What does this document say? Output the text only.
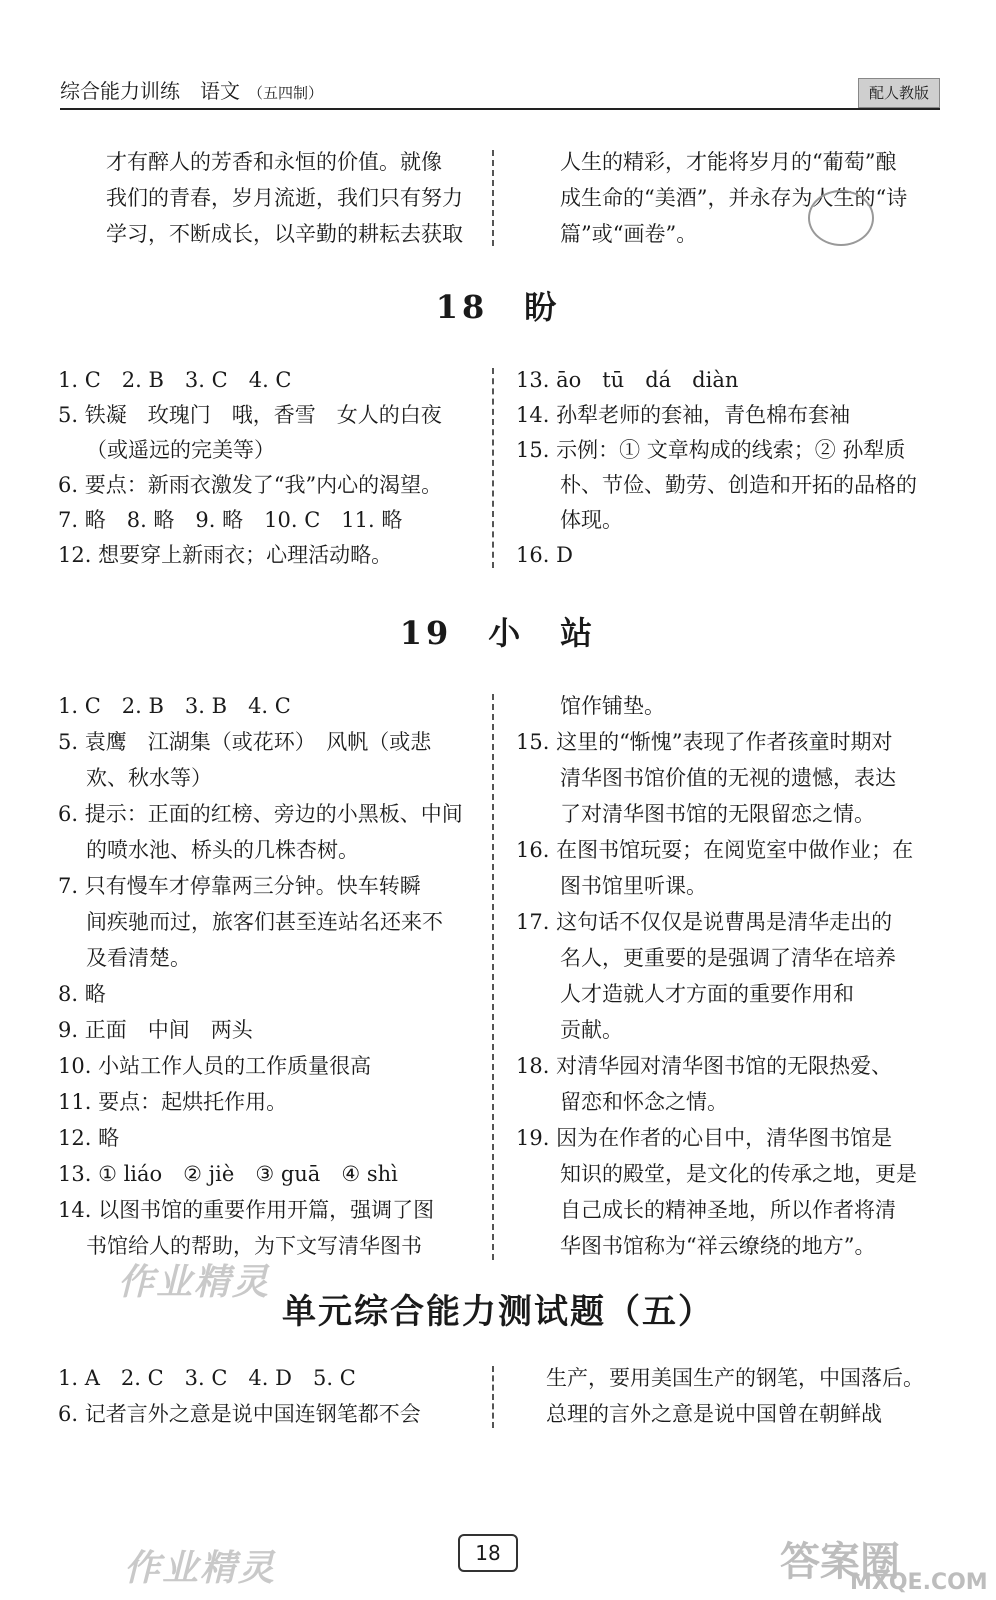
综合能力训练　语文 （五四制）	配人教版
才有醉人的芳香和永恒的价值。就像
我们的青春，岁月流逝，我们只有努力
学习，不断成长，以辛勤的耕耘去获取
人生的精彩，才能将岁月的“葡萄”酿
成生命的“美酒”，并永存为人生的“诗
篇”或“画卷”。
18　盼
1. C　2. B　3. C　4. C
5. 铁凝　玫瑰门　哦，香雪　女人的白夜
（或遥远的完美等）
6. 要点：新雨衣激发了“我”内心的渴望。
7. 略　8. 略　9. 略　10. C　11. 略
12. 想要穿上新雨衣；心理活动略。
13. āo　tū　dá　diàn
14. 孙犁老师的套袖，青色棉布套袖
15. 示例：① 文章构成的线索；② 孙犁质
朴、节俭、勤劳、创造和开拓的品格的
体现。
16. D
19　小　站
1. C　2. B　3. B　4. C
5. 袁鹰　江湖集（或花环）　风帆（或悲
欢、秋水等）
6. 提示：正面的红榜、旁边的小黑板、中间
的喷水池、桥头的几株杏树。
7. 只有慢车才停靠两三分钟。快车转瞬
间疾驰而过，旅客们甚至连站名还来不
及看清楚。
8. 略
9. 正面　中间　两头
10. 小站工作人员的工作质量很高
11. 要点：起烘托作用。
12. 略
13. ① liáo　② jiè　③ guā　④ shì
14. 以图书馆的重要作用开篇，强调了图
书馆给人的帮助，为下文写清华图书
馆作铺垫。
15. 这里的“惭愧”表现了作者孩童时期对
清华图书馆价值的无视的遗憾，表达
了对清华图书馆的无限留恋之情。
16. 在图书馆玩耍；在阅览室中做作业；在
图书馆里听课。
17. 这句话不仅仅是说曹禺是清华走出的
名人，更重要的是强调了清华在培养
人才造就人才方面的重要作用和
贡献。
18. 对清华园对清华图书馆的无限热爱、
留恋和怀念之情。
19. 因为在作者的心目中，清华图书馆是
知识的殿堂，是文化的传承之地，更是
自己成长的精神圣地，所以作者将清
华图书馆称为“祥云缭绕的地方”。
作业精灵
单元综合能力测试题（五）
1. A　2. C　3. C　4. D　5. C
6. 记者言外之意是说中国连钢笔都不会
生产，要用美国生产的钢笔，中国落后。
总理的言外之意是说中国曾在朝鲜战
作业精灵	18	答案圈
MXQE.COM
